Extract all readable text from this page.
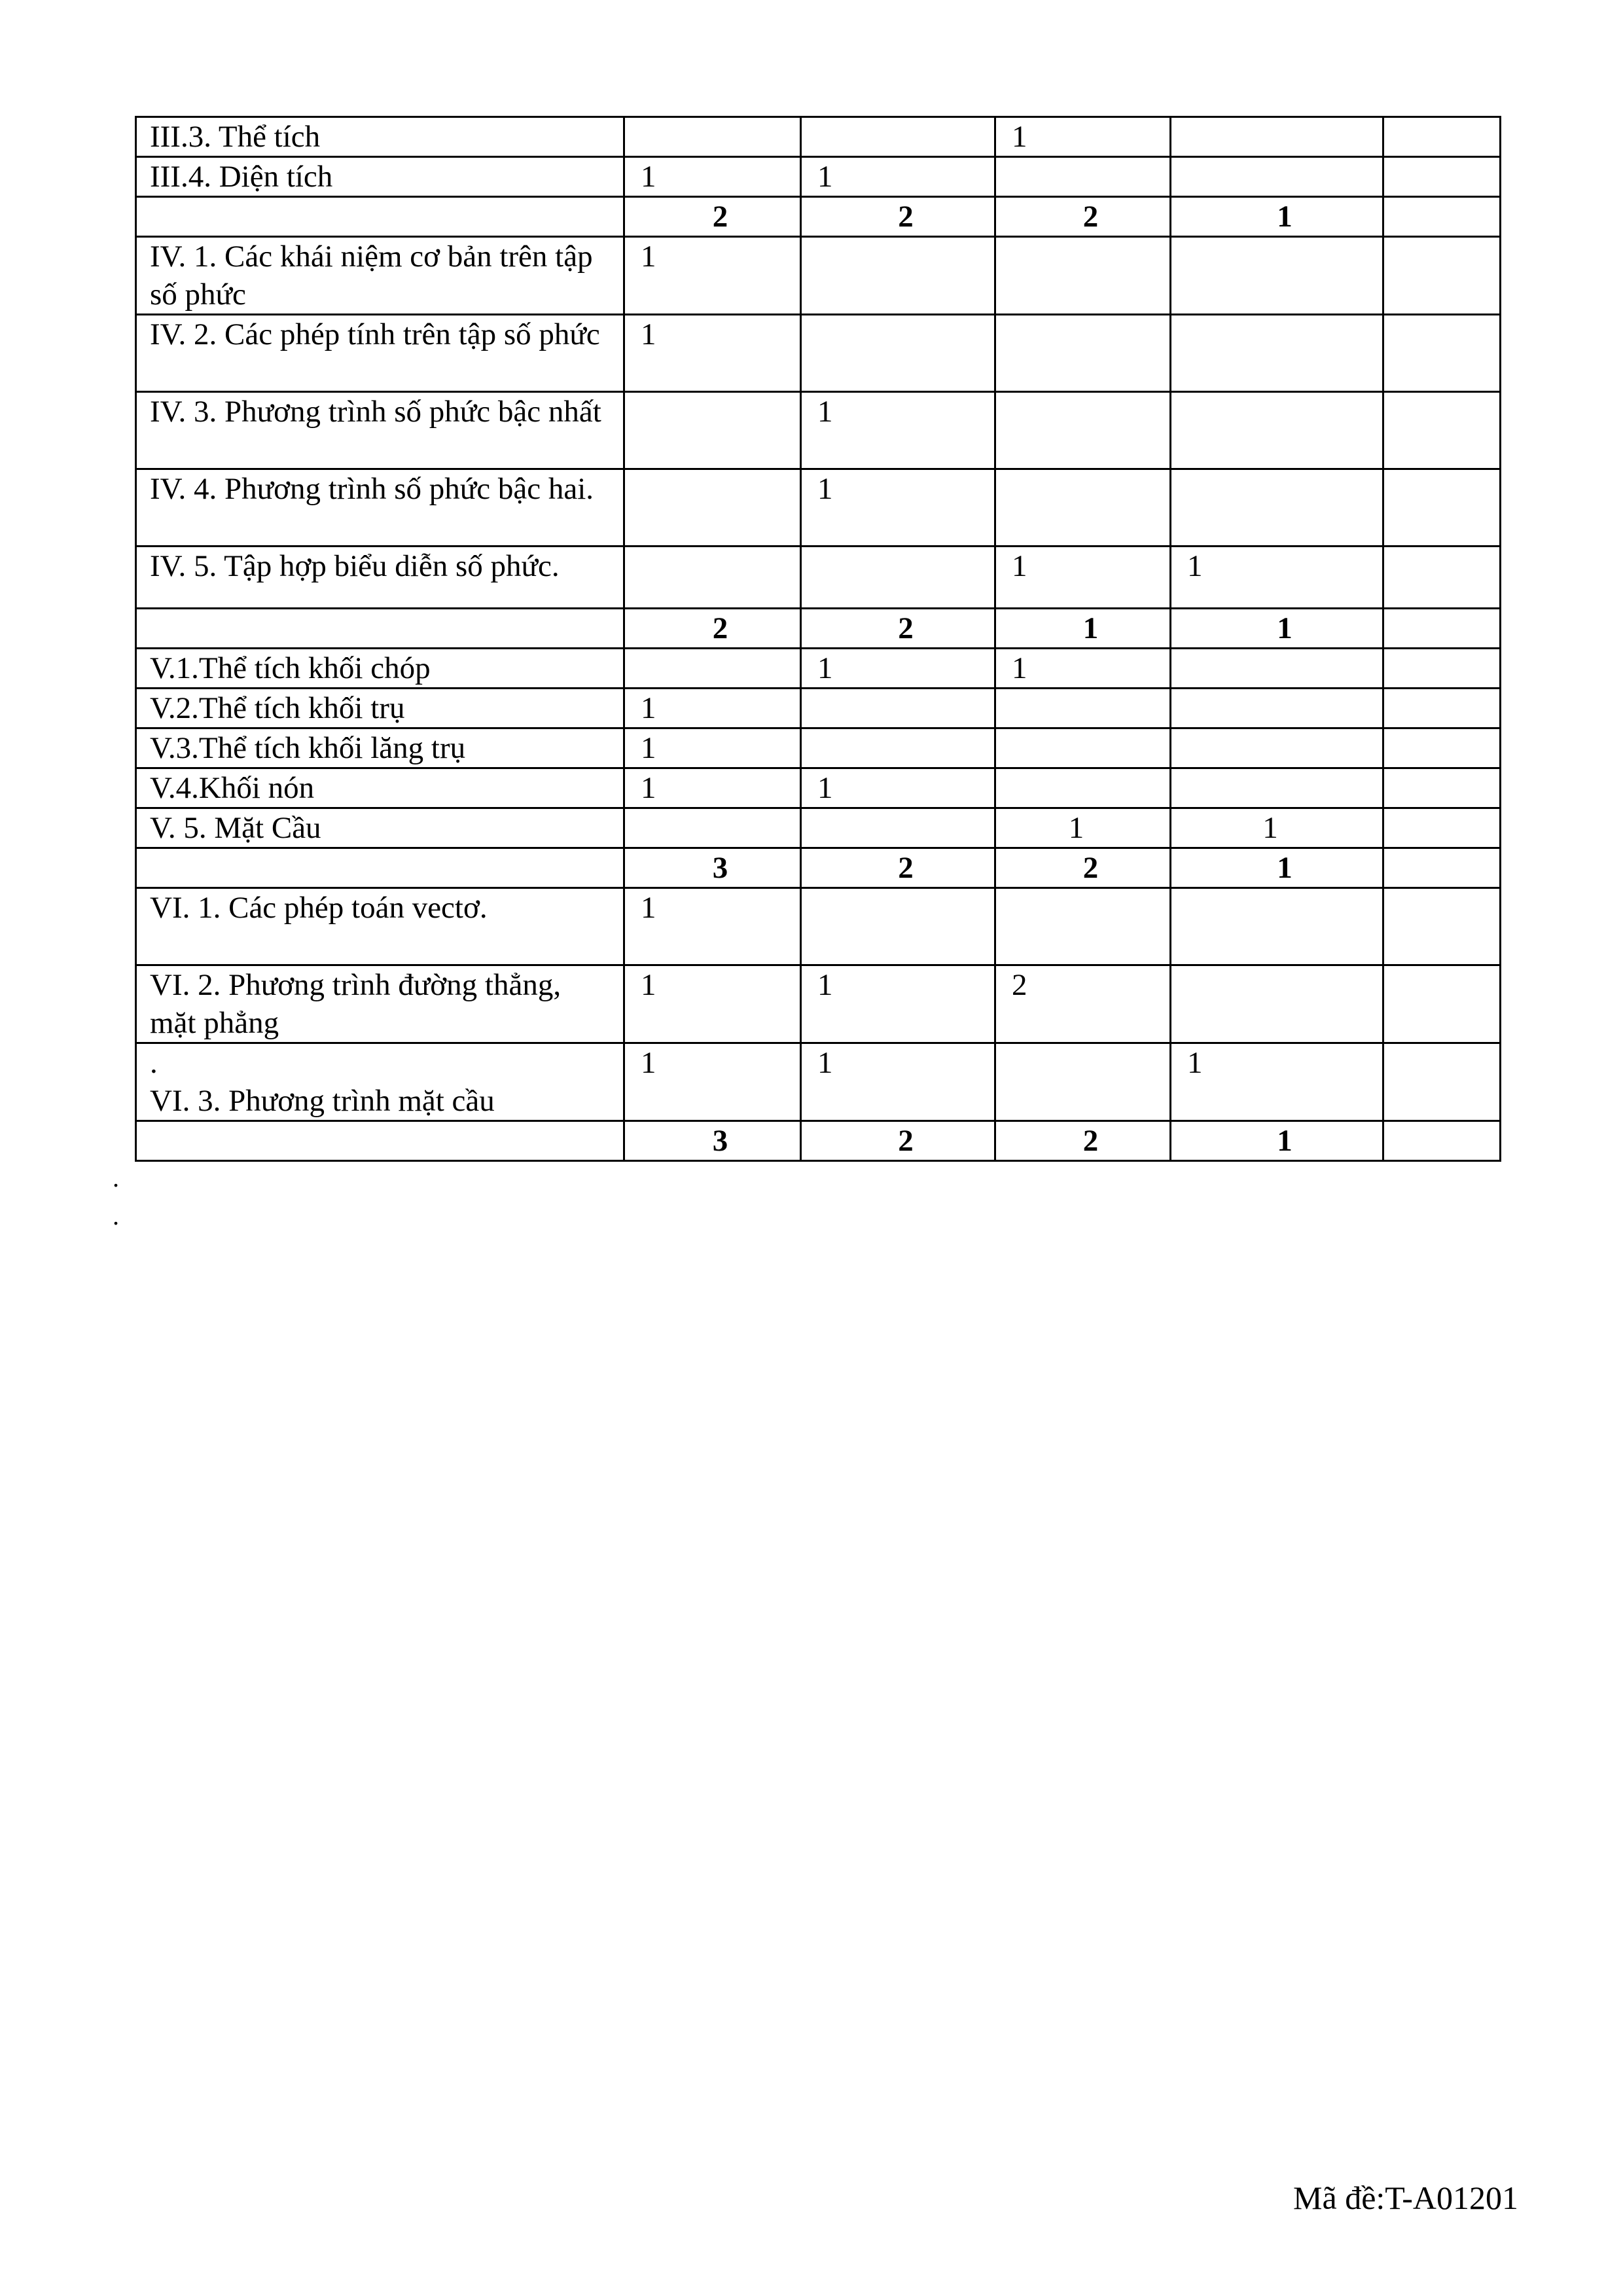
III.3. Thể tích			1		
III.4. Diện tích	1	1			
	2	2	2	1	
IV. 1. Các khái niệm cơ bản trên tập số phức	1				
IV. 2. Các phép tính trên tập số phức	1				
IV. 3. Phương trình số phức bậc nhất		1			
IV. 4. Phương trình số phức bậc hai.		1			
IV. 5. Tập hợp biểu diễn số phức.			1	1	
	2	2	1	1	
V.1.Thể tích khối chóp		1	1		
V.2.Thể tích khối trụ	1				
V.3.Thể tích khối lăng trụ	1				
V.4.Khối nón	1	1			
V. 5. Mặt Cầu			1	1	
	3	2	2	1	
VI. 1. Các phép toán vectơ.	1				
VI. 2. Phương trình đường thẳng, mặt phẳng	1	1	2		
.
VI. 3. Phương trình mặt cầu	1	1		1	
	3	2	2	1	
.
.
Mã đề:T-A01201
